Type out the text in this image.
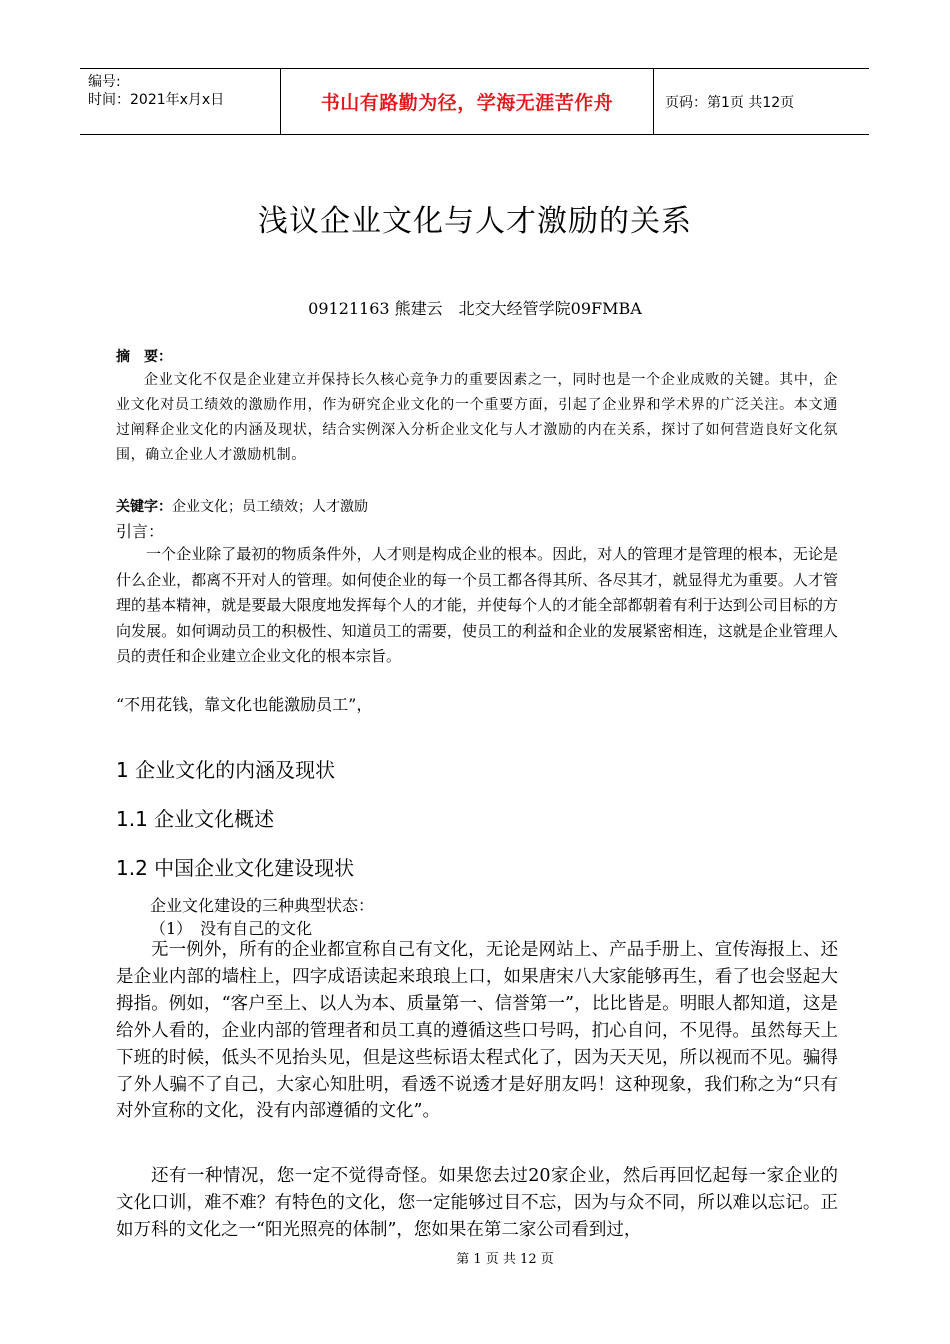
编号:
时间：2021年x月x日	书山有路勤为径，学海无涯苦作舟	页码：第1页 共12页
浅议企业文化与人才激励的关系
09121163 熊建云　北交大经管学院09FMBA
摘　要：
企业文化不仅是企业建立并保持长久核心竞争力的重要因素之一，同时也是一个企业成败的关键。其中，企业文化对员工绩效的激励作用，作为研究企业文化的一个重要方面，引起了企业界和学术界的广泛关注。本文通过阐释企业文化的内涵及现状，结合实例深入分析企业文化与人才激励的内在关系，探讨了如何营造良好文化氛围，确立企业人才激励机制。
关键字：企业文化；员工绩效；人才激励
引言：
一个企业除了最初的物质条件外，人才则是构成企业的根本。因此，对人的管理才是管理的根本，无论是什么企业，都离不开对人的管理。如何使企业的每一个员工都各得其所、各尽其才，就显得尤为重要。人才管理的基本精神，就是要最大限度地发挥每个人的才能，并使每个人的才能全部都朝着有利于达到公司目标的方向发展。如何调动员工的积极性、知道员工的需要，使员工的利益和企业的发展紧密相连，这就是企业管理人员的责任和企业建立企业文化的根本宗旨。
“不用花钱，靠文化也能激励员工”，
1 企业文化的内涵及现状
1.1 企业文化概述
1.2 中国企业文化建设现状
企业文化建设的三种典型状态：
（1）　没有自己的文化
无一例外，所有的企业都宣称自己有文化，无论是网站上、产品手册上、宣传海报上、还是企业内部的墙柱上，四字成语读起来琅琅上口，如果唐宋八大家能够再生，看了也会竖起大拇指。例如，“客户至上、以人为本、质量第一、信誉第一”，比比皆是。明眼人都知道，这是给外人看的，企业内部的管理者和员工真的遵循这些口号吗，扪心自问，不见得。虽然每天上下班的时候，低头不见抬头见，但是这些标语太程式化了，因为天天见，所以视而不见。骗得了外人骗不了自己，大家心知肚明，看透不说透才是好朋友吗！这种现象，我们称之为“只有对外宣称的文化，没有内部遵循的文化”。
还有一种情况，您一定不觉得奇怪。如果您去过20家企业，然后再回忆起每一家企业的文化口训，难不难？有特色的文化，您一定能够过目不忘，因为与众不同，所以难以忘记。正如万科的文化之一“阳光照亮的体制”，您如果在第二家公司看到过，
第 1 页 共 12 页
